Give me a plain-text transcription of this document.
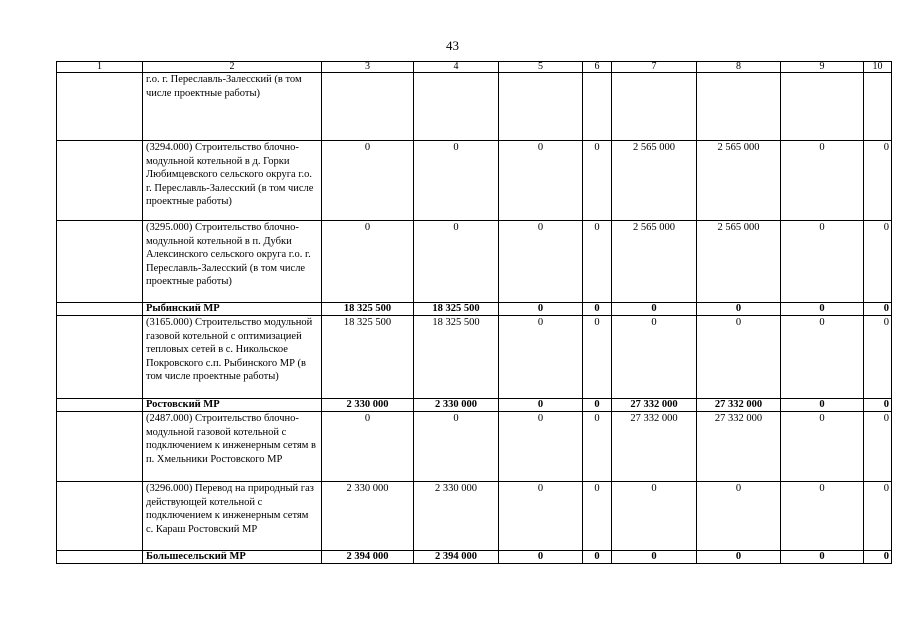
43
1	2	3	4	5	6	7	8	9	10
	г.о. г. Переславль-Залесский (в том числе проектные работы)								
	(3294.000) Строительство блочно-модульной котельной в д. Горки Любимцевского сельского округа г.о. г. Переславль-Залесский (в том числе проектные работы)	0	0	0	0	2 565 000	2 565 000	0	0
	(3295.000) Строительство блочно-модульной котельной в п. Дубки Алексинского сельского округа г.о. г. Переславль-Залесский (в том числе проектные работы)	0	0	0	0	2 565 000	2 565 000	0	0
	Рыбинский МР	18 325 500	18 325 500	0	0	0	0	0	0
	(3165.000) Строительство модульной газовой котельной с оптимизацией тепловых сетей в с. Никольское Покровского с.п. Рыбинского МР (в том числе проектные работы)	18 325 500	18 325 500	0	0	0	0	0	0
	Ростовский МР	2 330 000	2 330 000	0	0	27 332 000	27 332 000	0	0
	(2487.000) Строительство блочно-модульной газовой котельной с подключением к инженерным сетям в п. Хмельники Ростовского МР	0	0	0	0	27 332 000	27 332 000	0	0
	(3296.000) Перевод на природный газ действующей котельной с подключением к инженерным сетям с. Караш Ростовский МР	2 330 000	2 330 000	0	0	0	0	0	0
	Большесельский МР	2 394 000	2 394 000	0	0	0	0	0	0
